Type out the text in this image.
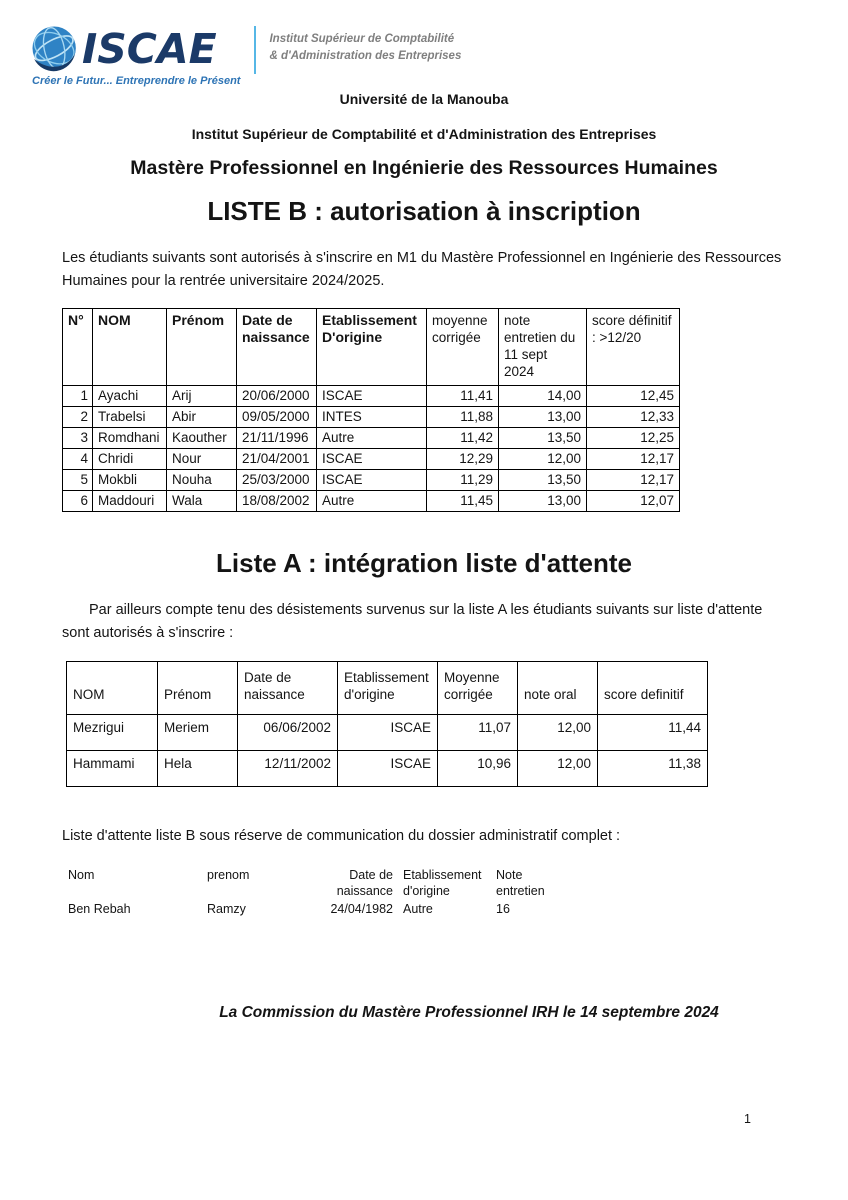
ISCAE
Créer le Futur... Entreprendre le Présent
Institut Supérieur de Comptabilité
& d'Administration des Entreprises
Université de la Manouba
Institut Supérieur de Comptabilité et d'Administration des Entreprises
Mastère Professionnel en Ingénierie des Ressources Humaines
LISTE B : autorisation à inscription
Les étudiants suivants sont autorisés à s'inscrire en M1 du Mastère Professionnel en Ingénierie des Ressources Humaines pour la rentrée universitaire 2024/2025.
N°	NOM	Prénom	Date de naissance	Etablissement D'origine	moyenne corrigée	note entretien du 11 sept 2024	score définitif : >12/20
1	Ayachi	Arij	20/06/2000	ISCAE	11,41	14,00	12,45
2	Trabelsi	Abir	09/05/2000	INTES	11,88	13,00	12,33
3	Romdhani	Kaouther	21/11/1996	Autre	11,42	13,50	12,25
4	Chridi	Nour	21/04/2001	ISCAE	12,29	12,00	12,17
5	Mokbli	Nouha	25/03/2000	ISCAE	11,29	13,50	12,17
6	Maddouri	Wala	18/08/2002	Autre	11,45	13,00	12,07
Liste A : intégration liste d'attente
Par ailleurs compte tenu des désistements survenus sur la liste A les étudiants suivants sur liste d'attente sont autorisés à s'inscrire :
NOM	Prénom	Date de naissance	Etablissement d'origine	Moyenne corrigée	note oral	score definitif
Mezrigui	Meriem	06/06/2002	ISCAE	11,07	12,00	11,44
Hammami	Hela	12/11/2002	ISCAE	10,96	12,00	11,38
Liste d'attente liste B sous réserve de communication du dossier administratif complet :
Nom	prenom	Date de naissance	Etablissement d'origine	Note entretien
Ben Rebah	Ramzy	24/04/1982	Autre	16
La Commission du Mastère Professionnel IRH le 14 septembre 2024
1
